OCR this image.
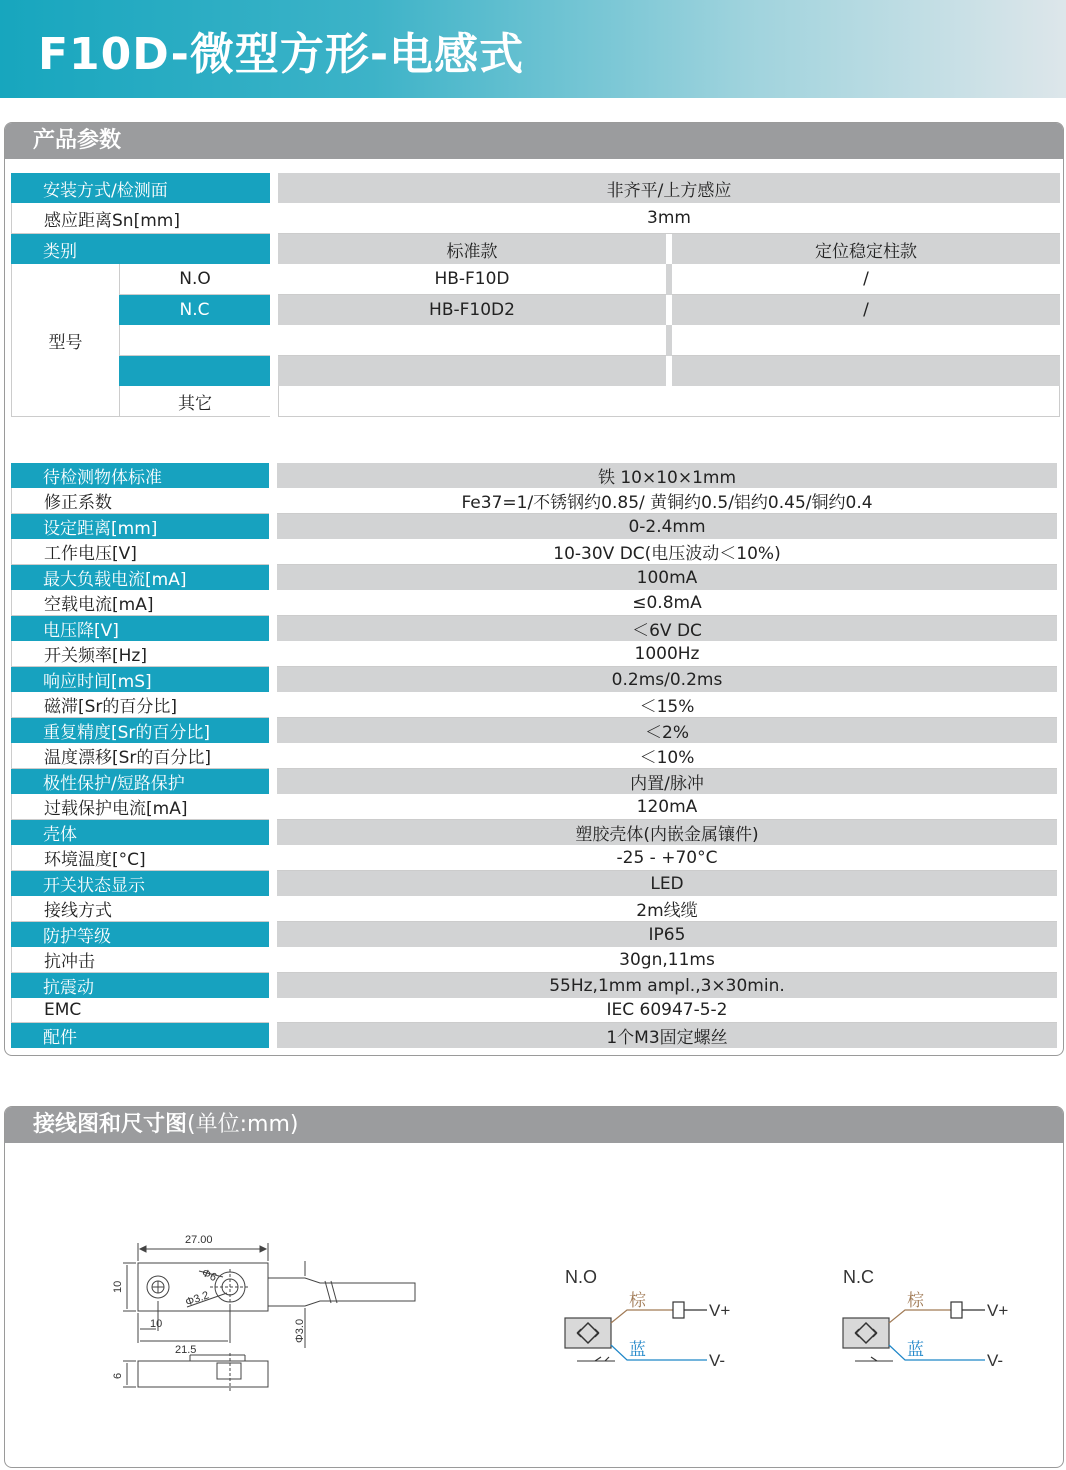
F10D-微型方形-电感式
产品参数
安装方式/检测面			非齐平/上方感应		
感应距离Sn[mm]			3mm		
类别			标准款		定位稳定柱款
型号	N.O		HB-F10D		/
	N.C		HB-F10D2		/

	其它				
待检测物体标准		铁 10×10×1mm
修正系数		Fe37=1/不锈钢约0.85/ 黄铜约0.5/铝约0.45/铜约0.4
设定距离[mm]		0-2.4mm
工作电压[V]		10-30V DC(电压波动＜10%)
最大负载电流[mA]		100mA
空载电流[mA]		≤0.8mA
电压降[V]		＜6V DC
开关频率[Hz]		1000Hz
响应时间[mS]		0.2ms/0.2ms
磁滞[Sr的百分比]		＜15%
重复精度[Sr的百分比]		＜2%
温度漂移[Sr的百分比]		＜10%
极性保护/短路保护		内置/脉冲
过载保护电流[mA]		120mA
壳体		塑胶壳体(内嵌金属镶件)
环境温度[°C]		-25 - +70°C
开关状态显示		LED
接线方式		2m线缆
防护等级		IP65
抗冲击		30gn,11ms
抗震动		55Hz,1mm ampl.,3×30min.
EMC		IEC 60947-5-2
配件		1个M3固定螺丝
接线图和尺寸图(单位:mm)
27.00
10
10
21.5
Φ6
Φ3.2
Φ3.0
6
N.O
棕
V+
蓝
V-
N.C
棕
V+
蓝
V-
